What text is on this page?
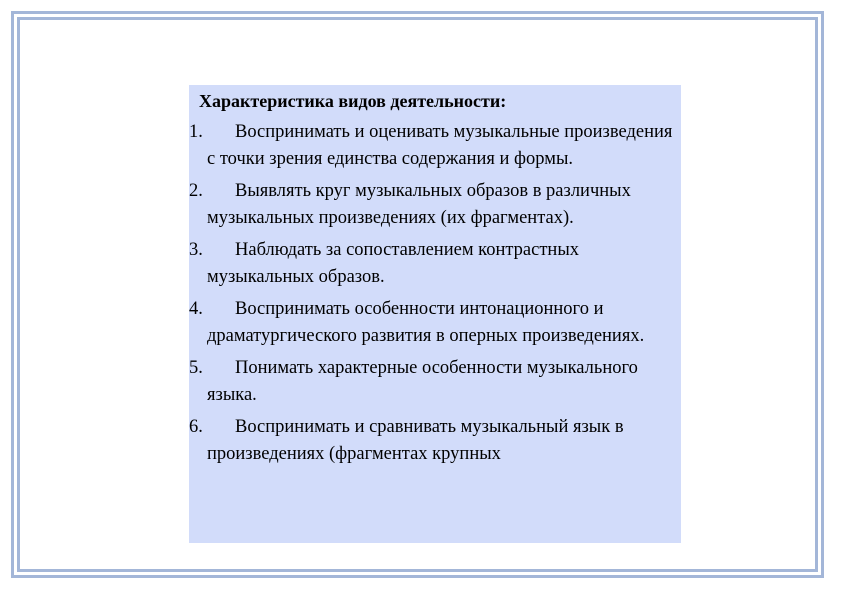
Характеристика видов деятельности:
1. Воспринимать и оценивать музыкальные произведения с точки зрения единства содержания и формы.
2. Выявлять круг музыкальных образов в различных музыкальных произведениях (их фрагментах).
3. Наблюдать за сопоставлением контрастных музыкальных образов.
4. Воспринимать особенности интонационного и драматургического развития в оперных произведениях.
5. Понимать характерные особенности музыкального языка.
6. Воспринимать и сравнивать музыкальный язык в произведениях (фрагментах крупных
